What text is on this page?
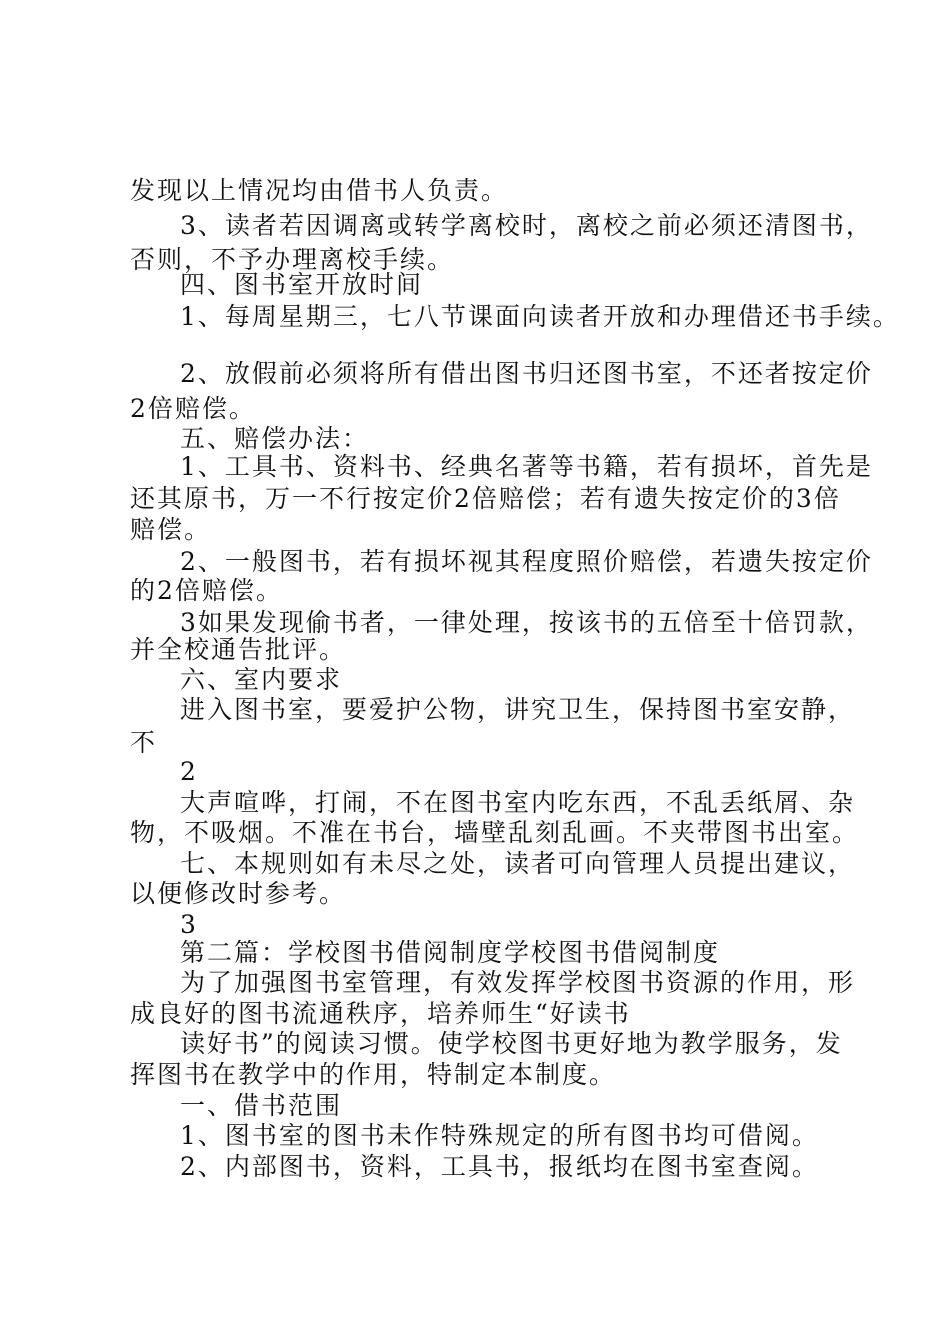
发现以上情况均由借书人负责。
3、读者若因调离或转学离校时，离校之前必须还清图书，
否则，不予办理离校手续。
四、图书室开放时间
1、每周星期三，七八节课面向读者开放和办理借还书手续。
2、放假前必须将所有借出图书归还图书室，不还者按定价
2倍赔偿。
五、赔偿办法：
1、工具书、资料书、经典名著等书籍，若有损坏，首先是
还其原书，万一不行按定价2倍赔偿；若有遗失按定价的3倍
赔偿。
2、一般图书，若有损坏视其程度照价赔偿，若遗失按定价
的2倍赔偿。
3如果发现偷书者，一律处理，按该书的五倍至十倍罚款，
并全校通告批评。
六、室内要求
进入图书室，要爱护公物，讲究卫生，保持图书室安静，
不
2
大声喧哗，打闹，不在图书室内吃东西，不乱丢纸屑、杂
物，不吸烟。不准在书台，墙壁乱刻乱画。不夹带图书出室。
七、本规则如有未尽之处，读者可向管理人员提出建议，
以便修改时参考。
3
第二篇：学校图书借阅制度学校图书借阅制度
为了加强图书室管理，有效发挥学校图书资源的作用，形
成良好的图书流通秩序，培养师生“好读书
读好书”的阅读习惯。使学校图书更好地为教学服务，发
挥图书在教学中的作用，特制定本制度。
一、借书范围
1、图书室的图书未作特殊规定的所有图书均可借阅。
2、内部图书，资料，工具书，报纸均在图书室查阅。
